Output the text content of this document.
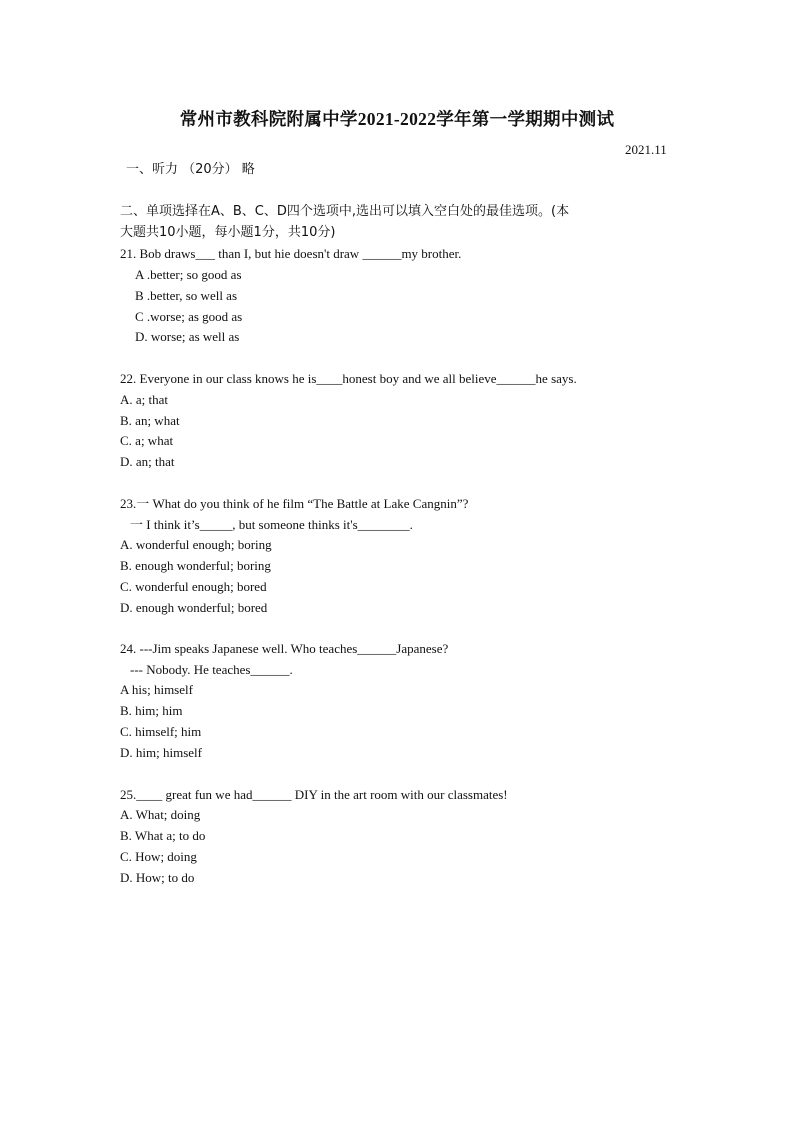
常州市教科院附属中学2021-2022学年第一学期期中测试
2021.11
一、听力 （20分） 略
二、单项选择在A、B、C、D四个选项中,选出可以填入空白处的最佳选项。(本
大题共10小题，每小题1分，共10分)
21. Bob draws___ than I, but hie doesn't draw ______my brother.
A .better; so good as
B .better, so well as
C .worse; as good as
D. worse; as well as
22. Everyone in our class knows he is____honest boy and we all believe______he says.
A. a; that
B. an; what
C. a; what
D. an; that
23.一 What do you think of he film “The Battle at Lake Cangnin”?
一 I think it’s_____, but someone thinks it's________.
A. wonderful enough; boring
B. enough wonderful; boring
C. wonderful enough; bored
D. enough wonderful; bored
24. ---Jim speaks Japanese well. Who teaches______Japanese?
--- Nobody. He teaches______.
A his; himself
B. him; him
C. himself; him
D. him; himself
25.____ great fun we had______ DIY in the art room with our classmates!
A. What; doing
B. What a; to do
C. How; doing
D. How; to do
